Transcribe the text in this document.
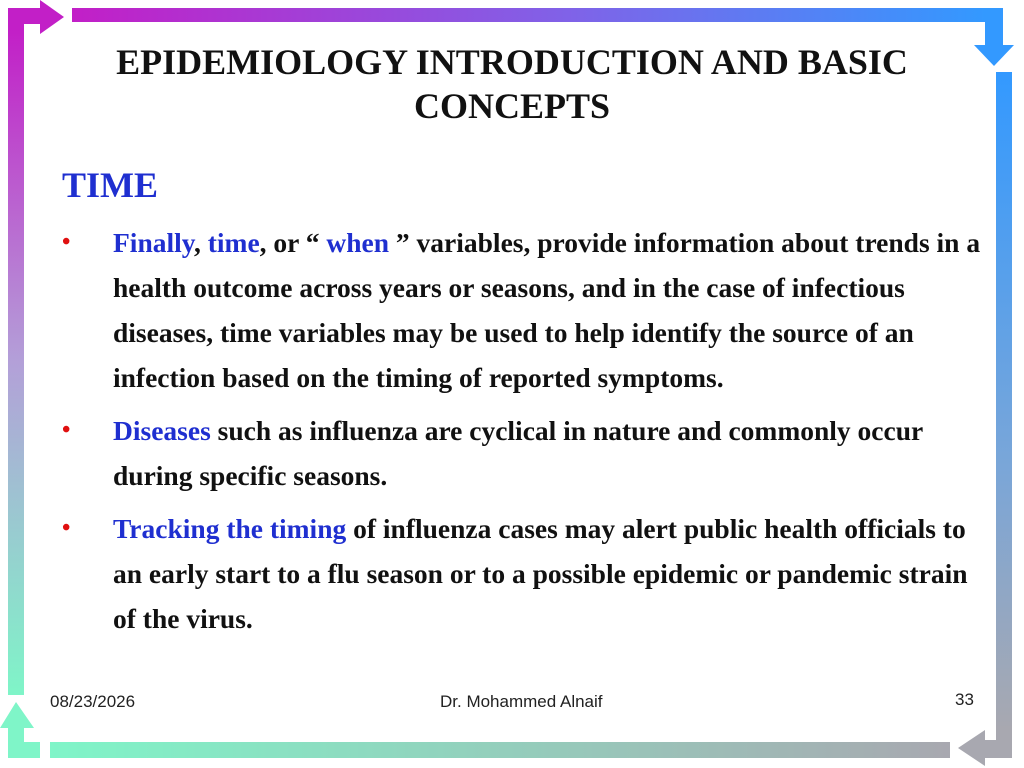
EPIDEMIOLOGY INTRODUCTION AND BASIC CONCEPTS
TIME
• Finally, time, or “ when ” variables, provide information about trends in a health outcome across years or seasons, and in the case of infectious diseases, time variables may be used to help identify the source of an infection based on the timing of reported symptoms.
• Diseases such as influenza are cyclical in nature and commonly occur during specific seasons.
• Tracking the timing of influenza cases may alert public health officials to an early start to a flu season or to a possible epidemic or pandemic strain of the virus.
08/23/2026	Dr. Mohammed Alnaif	33
